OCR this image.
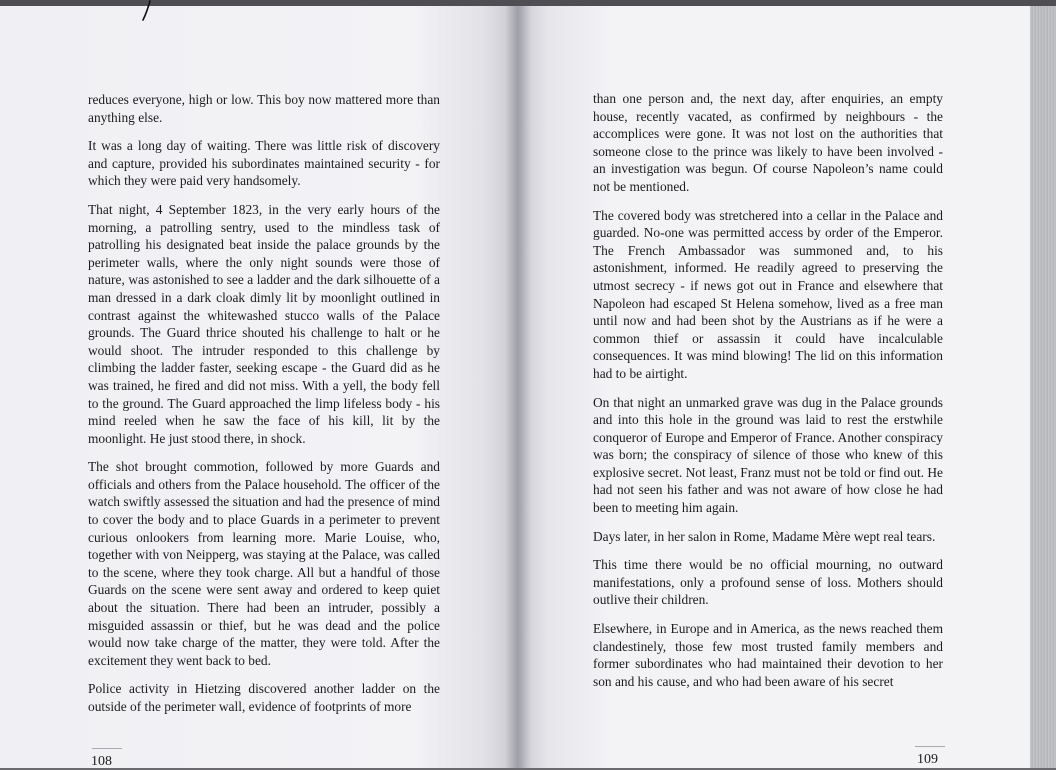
reduces everyone, high or low. This boy now mattered more than anything else.

It was a long day of waiting. There was little risk of discovery and capture, provided his subordinates maintained security - for which they were paid very handsomely.

That night, 4 September 1823, in the very early hours of the morning, a patrolling sentry, used to the mindless task of patrolling his designated beat inside the palace grounds by the perimeter walls, where the only night sounds were those of nature, was astonished to see a ladder and the dark silhouette of a man dressed in a dark cloak dimly lit by moonlight outlined in contrast against the whitewashed stucco walls of the Palace grounds. The Guard thrice shouted his challenge to halt or he would shoot. The intruder responded to this challenge by climbing the ladder faster, seeking escape - the Guard did as he was trained, he fired and did not miss. With a yell, the body fell to the ground. The Guard approached the limp lifeless body - his mind reeled when he saw the face of his kill, lit by the moonlight. He just stood there, in shock.

The shot brought commotion, followed by more Guards and officials and others from the Palace household. The officer of the watch swiftly assessed the situation and had the presence of mind to cover the body and to place Guards in a perimeter to prevent curious onlookers from learning more. Marie Louise, who, together with von Neipperg, was staying at the Palace, was called to the scene, where they took charge. All but a handful of those Guards on the scene were sent away and ordered to keep quiet about the situation. There had been an intruder, possibly a misguided assassin or thief, but he was dead and the police would now take charge of the matter, they were told. After the excitement they went back to bed.

Police activity in Hietzing discovered another ladder on the outside of the perimeter wall, evidence of footprints of more

than one person and, the next day, after enquiries, an empty house, recently vacated, as confirmed by neighbours - the accomplices were gone. It was not lost on the authorities that someone close to the prince was likely to have been involved - an investigation was begun. Of course Napoleon’s name could not be mentioned.

The covered body was stretchered into a cellar in the Palace and guarded. No-one was permitted access by order of the Emperor. The French Ambassador was summoned and, to his astonishment, informed. He readily agreed to preserving the utmost secrecy - if news got out in France and elsewhere that Napoleon had escaped St Helena somehow, lived as a free man until now and had been shot by the Austrians as if he were a common thief or assassin it could have incalculable consequences. It was mind blowing! The lid on this information had to be airtight.

On that night an unmarked grave was dug in the Palace grounds and into this hole in the ground was laid to rest the erstwhile conqueror of Europe and Emperor of France. Another conspiracy was born; the conspiracy of silence of those who knew of this explosive secret. Not least, Franz must not be told or find out. He had not seen his father and was not aware of how close he had been to meeting him again.

Days later, in her salon in Rome, Madame Mère wept real tears.

This time there would be no official mourning, no outward manifestations, only a profound sense of loss. Mothers should outlive their children.

Elsewhere, in Europe and in America, as the news reached them clandestinely, those few most trusted family members and former subordinates who had maintained their devotion to her son and his cause, and who had been aware of his secret

108	109
